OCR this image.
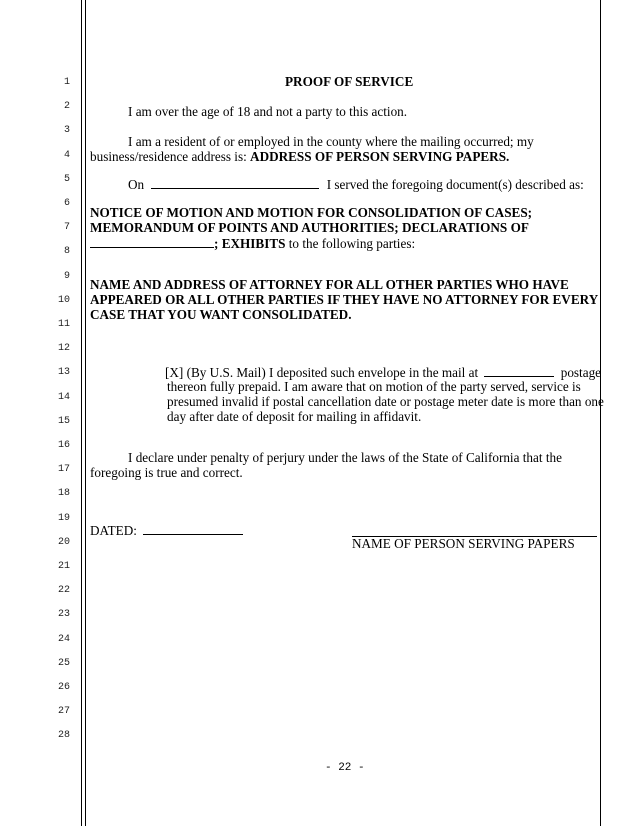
1
2
3
4
5
6
7
8
9
10
11
12
13
14
15
16
17
18
19
20
21
22
23
24
25
26
27
28
PROOF OF SERVICE
I am over the age of 18 and not a party to this action.
I am a resident of or employed in the county where the mailing occurred; my
business/residence address is: ADDRESS OF PERSON SERVING PAPERS.
On	I served the foregoing document(s) described as:
NOTICE OF MOTION AND MOTION FOR CONSOLIDATION OF CASES;
MEMORANDUM OF POINTS AND AUTHORITIES; DECLARATIONS OF
; EXHIBITS to the following parties:
NAME AND ADDRESS OF ATTORNEY FOR ALL OTHER PARTIES WHO HAVE
APPEARED OR ALL OTHER PARTIES IF THEY HAVE NO ATTORNEY FOR EVERY
CASE THAT YOU WANT CONSOLIDATED.
[X] (By U.S. Mail) I deposited such envelope in the mail at	postage
thereon fully prepaid. I am aware that on motion of the party served, service is
presumed invalid if postal cancellation date or postage meter date is more than one
day after date of deposit for mailing in affidavit.
I declare under penalty of perjury under the laws of the State of California that the
foregoing is true and correct.
DATED:
NAME OF PERSON SERVING PAPERS
- 22 -
